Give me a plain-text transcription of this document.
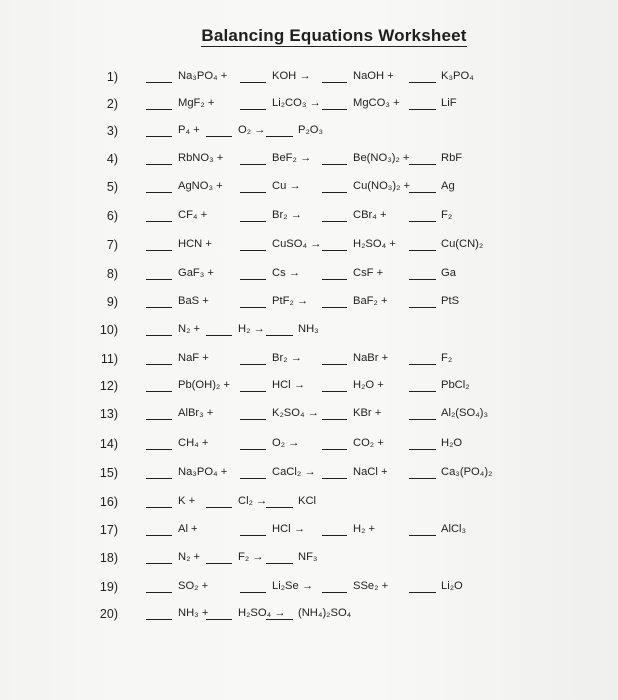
Balancing Equations Worksheet
1)	Na₃PO₄ +	KOH →	NaOH +	K₃PO₄
2)	MgF₂ +	Li₂CO₃ →	MgCO₃ +	LiF
3)	P₄ +	O₂ →	P₂O₃
4)	RbNO₃ +	BeF₂ →	Be(NO₃)₂ +	RbF
5)	AgNO₃ +	Cu →	Cu(NO₃)₂ +	Ag
6)	CF₄ +	Br₂ →	CBr₄ +	F₂
7)	HCN +	CuSO₄ →	H₂SO₄ +	Cu(CN)₂
8)	GaF₃ +	Cs →	CsF +	Ga
9)	BaS +	PtF₂ →	BaF₂ +	PtS
10)	N₂ +	H₂ →	NH₃
11)	NaF +	Br₂ →	NaBr +	F₂
12)	Pb(OH)₂ +	HCl →	H₂O +	PbCl₂
13)	AlBr₃ +	K₂SO₄ →	KBr +	Al₂(SO₄)₃
14)	CH₄ +	O₂ →	CO₂ +	H₂O
15)	Na₃PO₄ +	CaCl₂ →	NaCl +	Ca₃(PO₄)₂
16)	K +	Cl₂ →	KCl
17)	Al +	HCl →	H₂ +	AlCl₃
18)	N₂ +	F₂ →	NF₃
19)	SO₂ +	Li₂Se →	SSe₂ +	Li₂O
20)	NH₃ +	H₂SO₄ → (NH₄)₂SO₄
